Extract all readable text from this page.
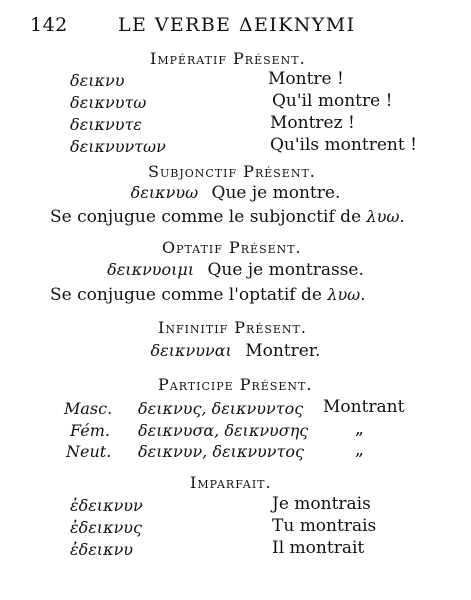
142	LE VERBE ΔΕΙΚΝΥΜΙ
Impératif Présent.
δεικνυ	Montre !
δεικνυτω	Qu'il montre !
δεικνυτε	Montrez !
δεικνυντων	Qu'ils montrent !
Subjonctif Présent.
δεικνυω Que je montre.
Se conjugue comme le subjonctif de λυω.
Optatif Présent.
δεικνυοιμι Que je montrasse.
Se conjugue comme l'optatif de λυω.
Infinitif Présent.
δεικνυναι Montrer.
Participe Présent.
Masc. δεικνυς, δεικνυντος Montrant
Fém. δεικνυσα, δεικνυσης	„
Neut. δεικνυν, δεικνυντος	„
Imparfait.
ἐδεικνυν	Je montrais
ἐδεικνυς	Tu montrais
ἐδεικνυ	Il montrait
